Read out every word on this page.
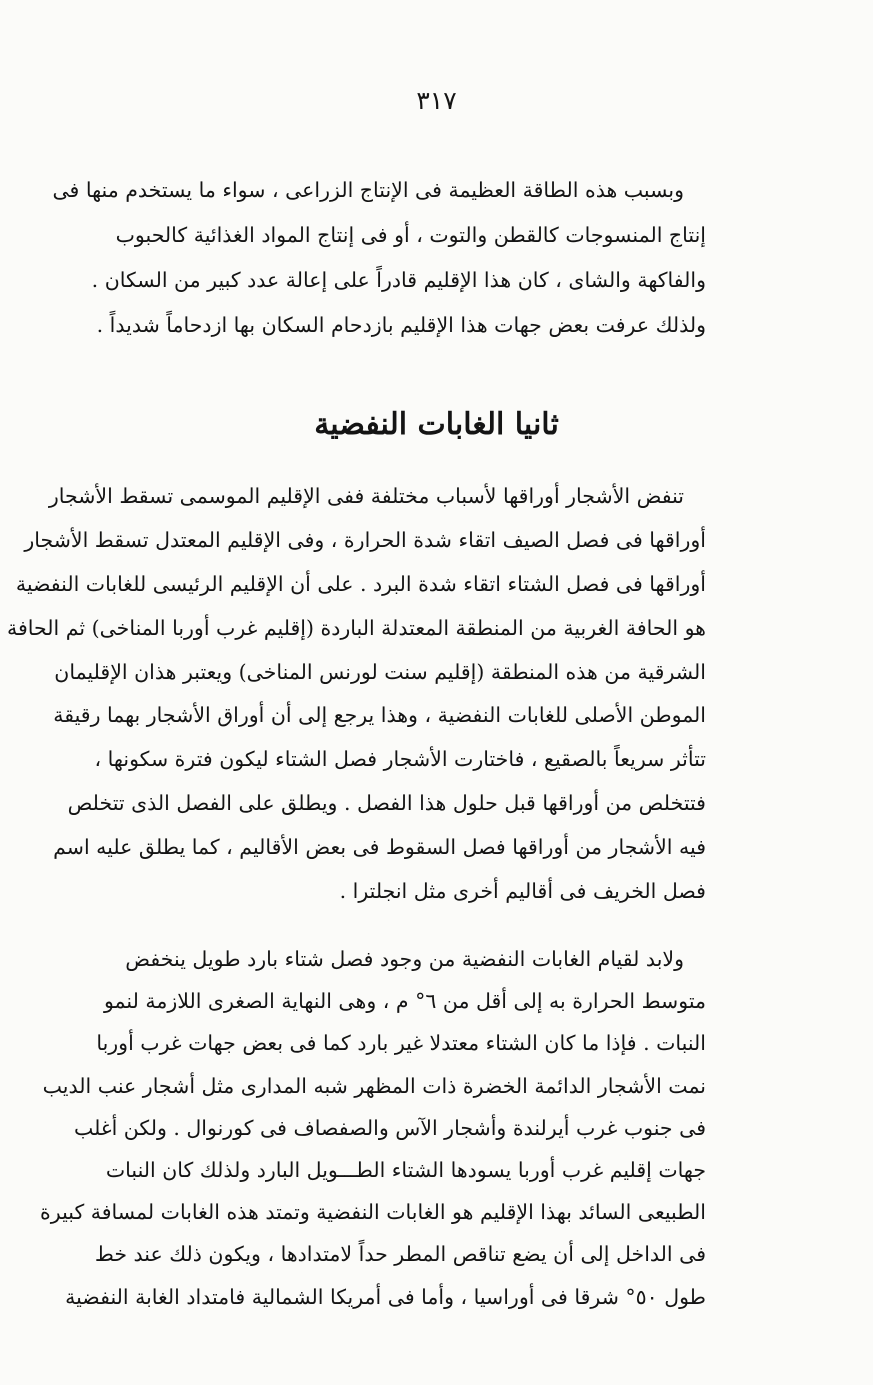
٣١٧
وبسبب هذه الطاقة العظيمة فى الإنتاج الزراعى ، سواء ما يستخدم منها فى
إنتاج المنسوجات كالقطن والتوت ، أو فى إنتاج المواد الغذائية كالحبوب
والفاكهة والشاى ، كان هذا الإقليم قادراً على إعالة عدد كبير من السكان .
ولذلك عرفت بعض جهات هذا الإقليم بازدحام السكان بها ازدحاماً شديداً .
ثانيا الغابات النفضية
تنفض الأشجار أوراقها لأسباب مختلفة ففى الإقليم الموسمى تسقط الأشجار
أوراقها فى فصل الصيف اتقاء شدة الحرارة ، وفى الإقليم المعتدل تسقط الأشجار
أوراقها فى فصل الشتاء اتقاء شدة البرد . على أن الإقليم الرئيسى للغابات النفضية
هو الحافة الغربية من المنطقة المعتدلة الباردة (إقليم غرب أوربا المناخى) ثم الحافة
الشرقية من هذه المنطقة (إقليم سنت لورنس المناخى) ويعتبر هذان الإقليمان
الموطن الأصلى للغابات النفضية ، وهذا يرجع إلى أن أوراق الأشجار بهما رقيقة
تتأثر سريعاً بالصقيع ، فاختارت الأشجار فصل الشتاء ليكون فترة سكونها ،
فتتخلص من أوراقها قبل حلول هذا الفصل . ويطلق على الفصل الذى تتخلص
فيه الأشجار من أوراقها فصل السقوط فى بعض الأقاليم ، كما يطلق عليه اسم
فصل الخريف فى أقاليم أخرى مثل انجلترا .
ولابد لقيام الغابات النفضية من وجود فصل شتاء بارد طويل ينخفض
متوسط الحرارة به إلى أقل من ٦° م ، وهى النهاية الصغرى اللازمة لنمو
النبات . فإذا ما كان الشتاء معتدلا غير بارد كما فى بعض جهات غرب أوربا
نمت الأشجار الدائمة الخضرة ذات المظهر شبه المدارى مثل أشجار عنب الديب
فى جنوب غرب أيرلندة وأشجار الآس والصفصاف فى كورنوال . ولكن أغلب
جهات إقليم غرب أوربا يسودها الشتاء الطـــويل البارد ولذلك كان النبات
الطبيعى السائد بهذا الإقليم هو الغابات النفضية وتمتد هذه الغابات لمسافة كبيرة
فى الداخل إلى أن يضع تناقص المطر حداً لامتدادها ، ويكون ذلك عند خط
طول ٥٠° شرقا فى أوراسيا ، وأما فى أمريكا الشمالية فامتداد الغابة النفضية
